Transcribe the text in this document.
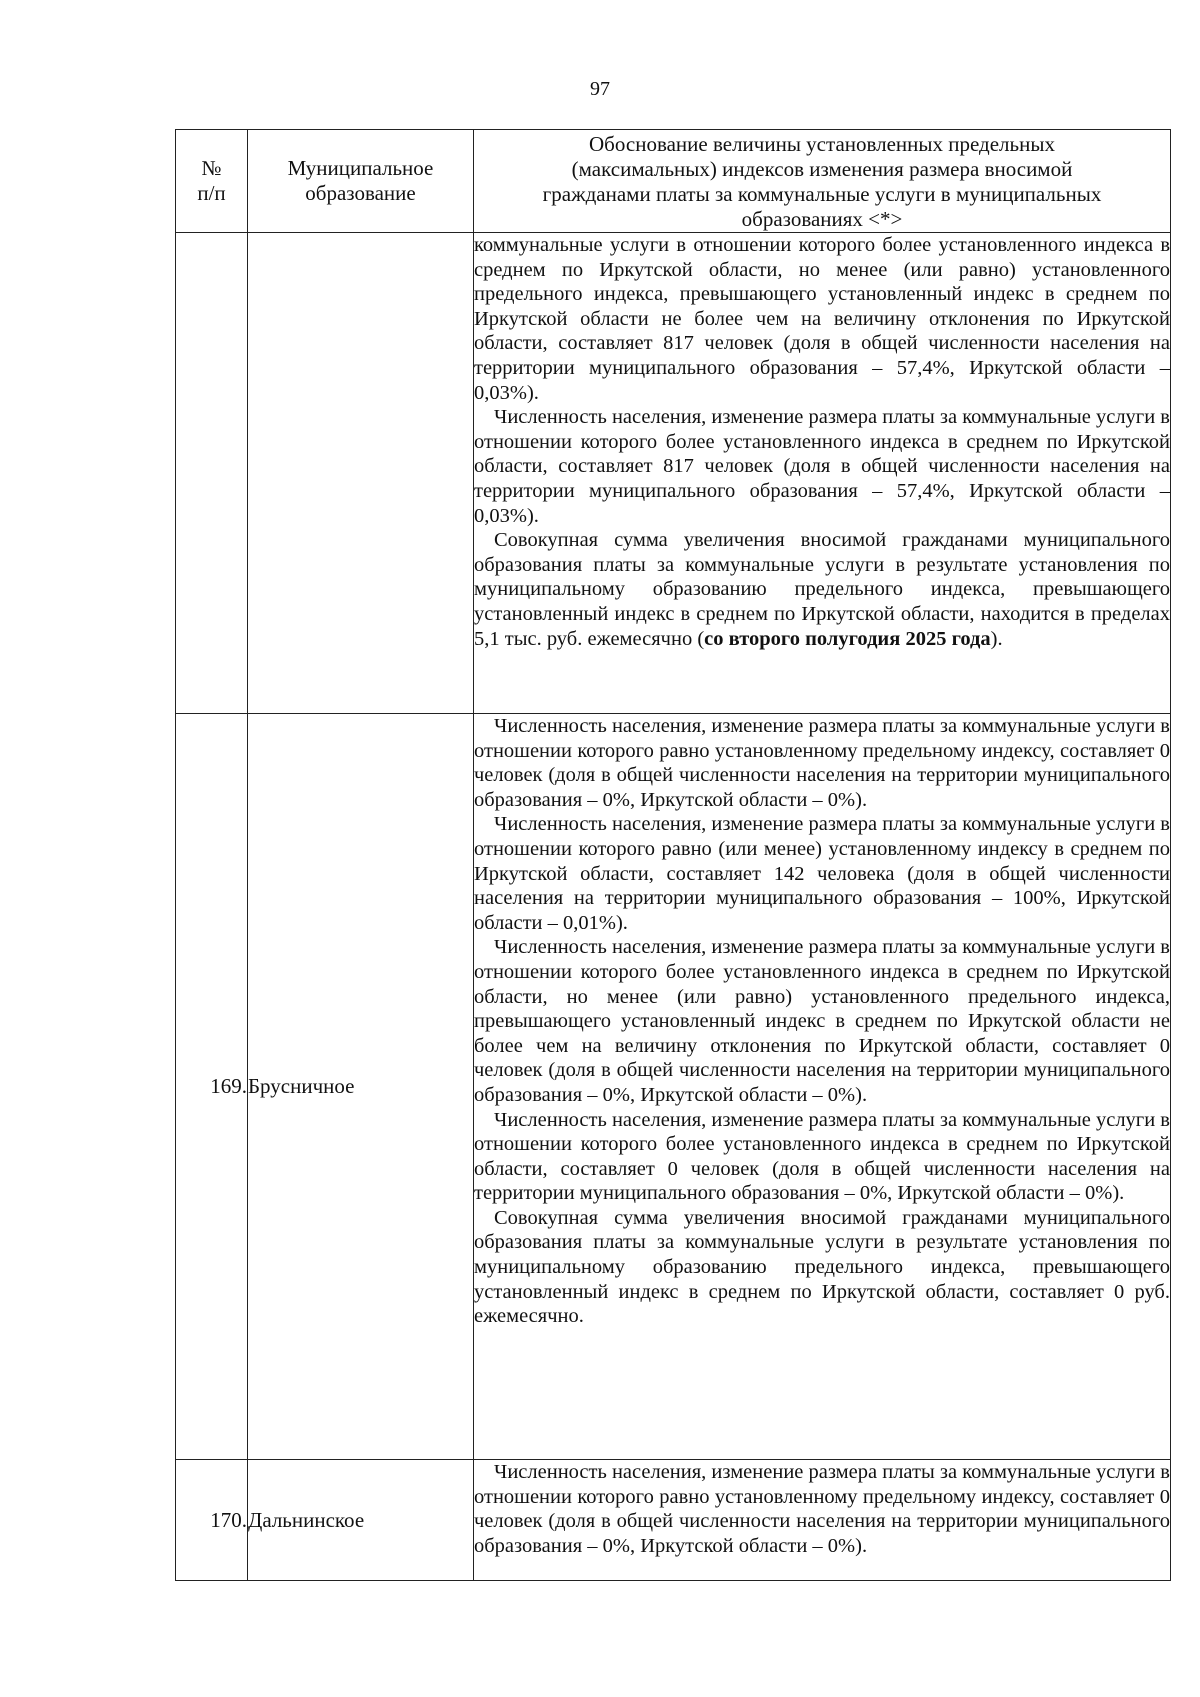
97
№ п/п	Муниципальное образование	Обоснование величины установленных предельных (максимальных) индексов изменения размера вносимой гражданами платы за коммунальные услуги в муниципальных образованиях <*>

		коммунальные услуги в отношении которого более установленного индекса в среднем по Иркутской области, но менее (или равно) установленного предельного индекса, превышающего установленный индекс в среднем по Иркутской области не более чем на величину отклонения по Иркутской области, составляет 817 человек (доля в общей численности населения на территории муниципального образования – 57,4%, Иркутской области – 0,03%).

Численность населения, изменение размера платы за коммунальные услуги в отношении которого более установленного индекса в среднем по Иркутской области, составляет 817 человек (доля в общей численности населения на территории муниципального образования – 57,4%, Иркутской области – 0,03%).

Совокупная сумма увеличения вносимой гражданами муниципального образования платы за коммунальные услуги в результате установления по муниципальному образованию предельного индекса, превышающего установленный индекс в среднем по Иркутской области, находится в пределах 5,1 тыс. руб. ежемесячно (со второго полугодия 2025 года).

169.	Брусничное	Численность населения, изменение размера платы за коммунальные услуги в отношении которого равно установленному предельному индексу, составляет 0 человек (доля в общей численности населения на территории муниципального образования – 0%, Иркутской области – 0%).

Численность населения, изменение размера платы за коммунальные услуги в отношении которого равно (или менее) установленному индексу в среднем по Иркутской области, составляет 142 человека (доля в общей численности населения на территории муниципального образования – 100%, Иркутской области – 0,01%).

Численность населения, изменение размера платы за коммунальные услуги в отношении которого более установленного индекса в среднем по Иркутской области, но менее (или равно) установленного предельного индекса, превышающего установленный индекс в среднем по Иркутской области не более чем на величину отклонения по Иркутской области, составляет 0 человек (доля в общей численности населения на территории муниципального образования – 0%, Иркутской области – 0%).

Численность населения, изменение размера платы за коммунальные услуги в отношении которого более установленного индекса в среднем по Иркутской области, составляет 0 человек (доля в общей численности населения на территории муниципального образования – 0%, Иркутской области – 0%).

Совокупная сумма увеличения вносимой гражданами муниципального образования платы за коммунальные услуги в результате установления по муниципальному образованию предельного индекса, превышающего установленный индекс в среднем по Иркутской области, составляет 0 руб. ежемесячно.

170.	Дальнинское	Численность населения, изменение размера платы за коммунальные услуги в отношении которого равно установленному предельному индексу, составляет 0 человек (доля в общей численности населения на территории муниципального образования – 0%, Иркутской области – 0%).
